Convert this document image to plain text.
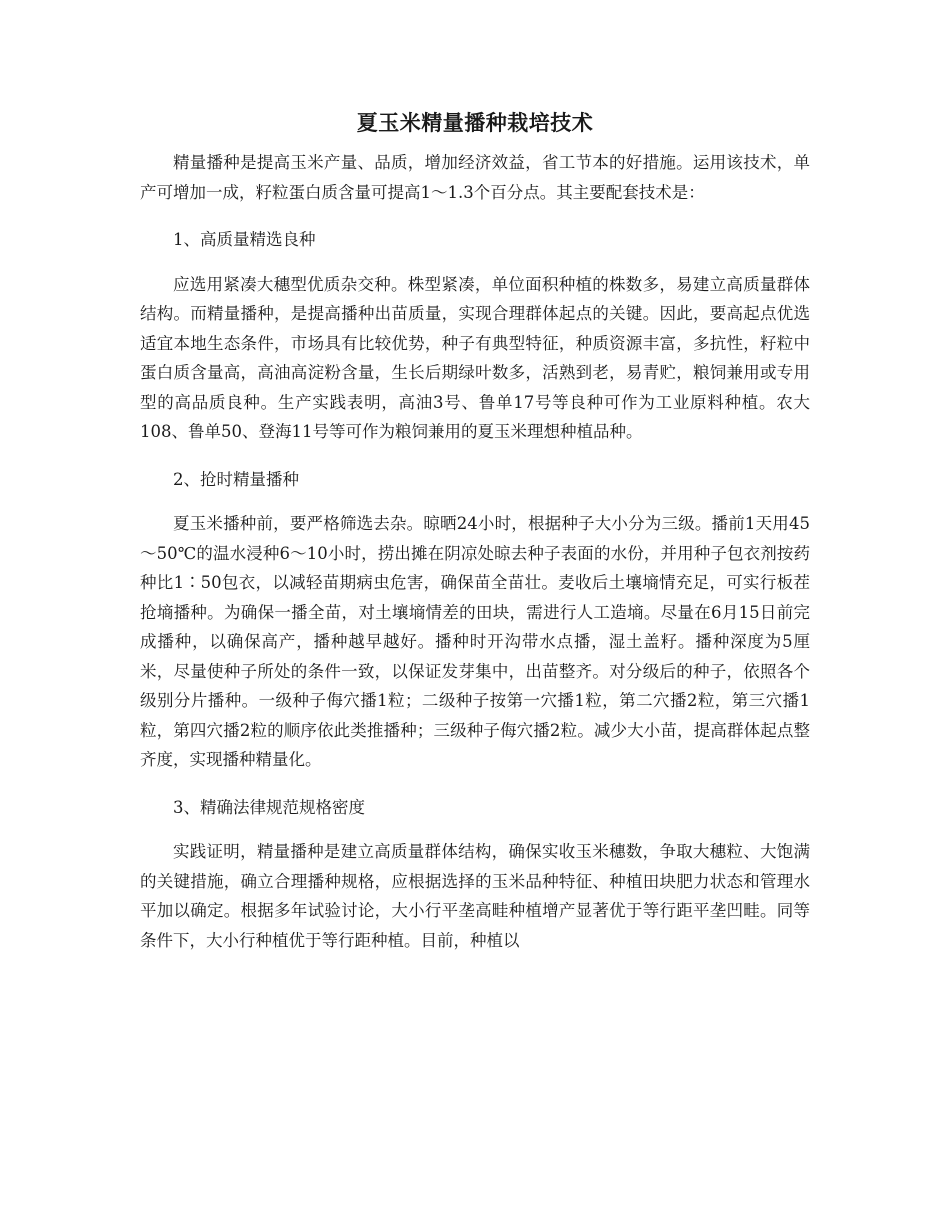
夏玉米精量播种栽培技术

精量播种是提高玉米产量、品质，增加经济效益，省工节本的好措施。运用该技术，单产可增加一成，籽粒蛋白质含量可提高1～1.3个百分点。其主要配套技术是：

1、高质量精选良种

应选用紧凑大穗型优质杂交种。株型紧凑，单位面积种植的株数多，易建立高质量群体结构。而精量播种，是提高播种出苗质量，实现合理群体起点的关键。因此，要高起点优选适宜本地生态条件，市场具有比较优势，种子有典型特征，种质资源丰富，多抗性，籽粒中蛋白质含量高，高油高淀粉含量，生长后期绿叶数多，活熟到老，易青贮，粮饲兼用或专用型的高品质良种。生产实践表明，高油3号、鲁单17号等良种可作为工业原料种植。农大108、鲁单50、登海11号等可作为粮饲兼用的夏玉米理想种植品种。

2、抢时精量播种

夏玉米播种前，要严格筛选去杂。晾晒24小时，根据种子大小分为三级。播前1天用45～50℃的温水浸种6～10小时，捞出摊在阴凉处晾去种子表面的水份，并用种子包衣剂按药种比1∶50包衣，以减轻苗期病虫危害，确保苗全苗壮。麦收后土壤墒情充足，可实行板茬抢墒播种。为确保一播全苗，对土壤墒情差的田块，需进行人工造墒。尽量在6月15日前完成播种，以确保高产，播种越早越好。播种时开沟带水点播，湿土盖籽。播种深度为5厘米，尽量使种子所处的条件一致，以保证发芽集中，出苗整齐。对分级后的种子，依照各个级别分片播种。一级种子侮穴播1粒；二级种子按第一穴播1粒，第二穴播2粒，第三穴播1粒，第四穴播2粒的顺序依此类推播种；三级种子侮穴播2粒。减少大小苗，提高群体起点整齐度，实现播种精量化。

3、精确法律规范规格密度

实践证明，精量播种是建立高质量群体结构，确保实收玉米穗数，争取大穗粒、大饱满的关键措施，确立合理播种规格，应根据选择的玉米品种特征、种植田块肥力状态和管理水平加以确定。根据多年试验讨论，大小行平垄高畦种植增产显著优于等行距平垄凹畦。同等条件下，大小行种植优于等行距种植。目前，种植以
